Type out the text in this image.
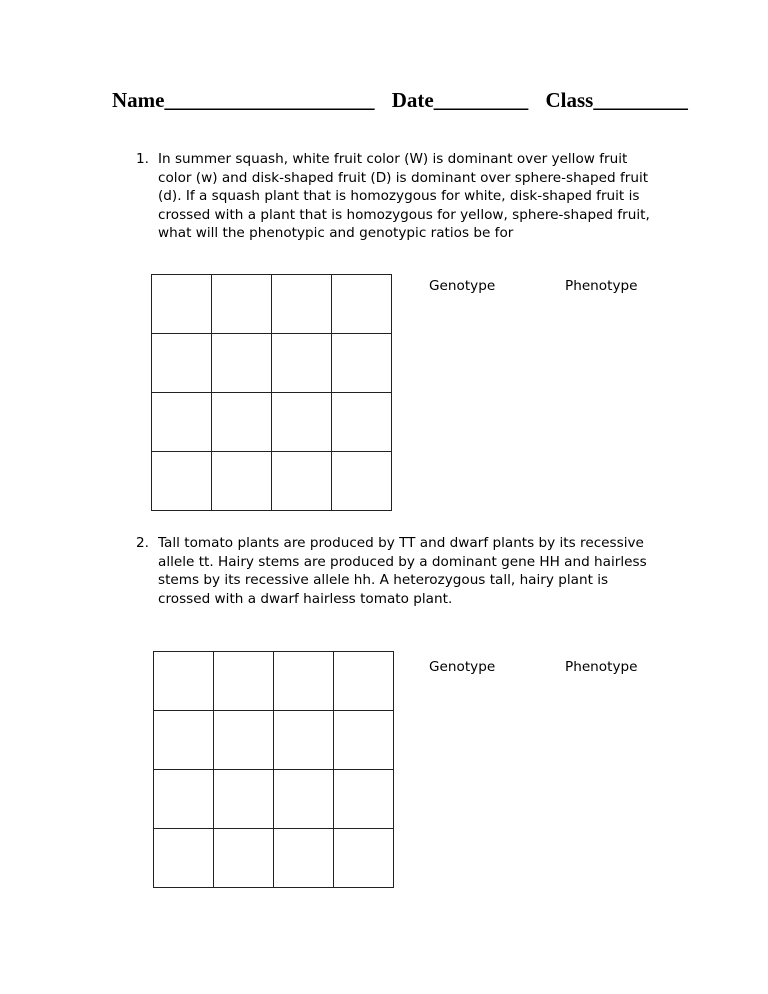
Name____________________ Date_________ Class_________
1. In summer squash, white fruit color (W) is dominant over yellow fruit color (w) and disk-shaped fruit (D) is dominant over sphere-shaped fruit (d). If a squash plant that is homozygous for white, disk-shaped fruit is crossed with a plant that is homozygous for yellow, sphere-shaped fruit, what will the phenotypic and genotypic ratios be for

Genotype	Phenotype
2. Tall tomato plants are produced by TT and dwarf plants by its recessive allele tt. Hairy stems are produced by a dominant gene HH and hairless stems by its recessive allele hh. A heterozygous tall, hairy plant is crossed with a dwarf hairless tomato plant.

Genotype	Phenotype
